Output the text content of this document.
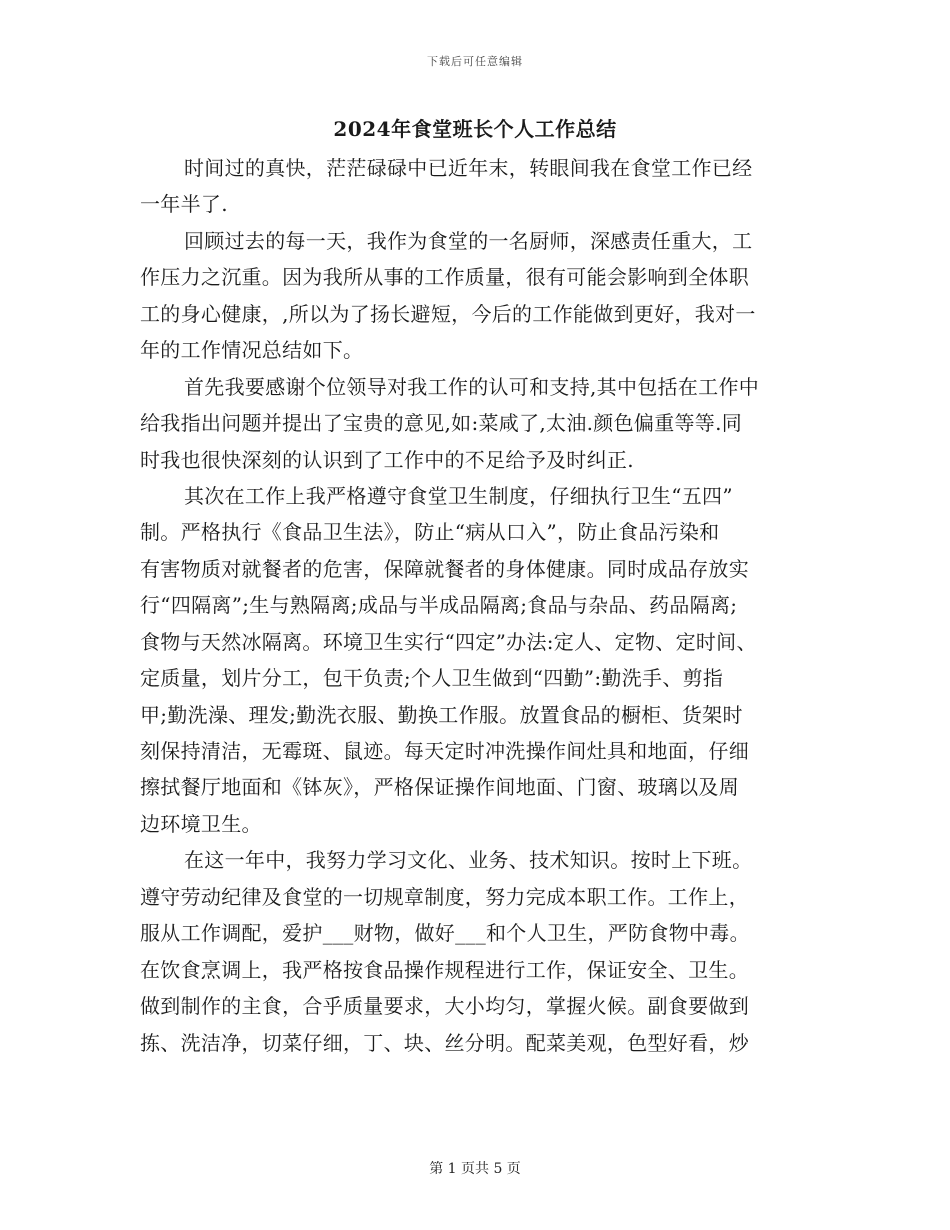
下载后可任意编辑
2024年食堂班长个人工作总结

时间过的真快，茫茫碌碌中已近年末，转眼间我在食堂工作已经
一年半了.

回顾过去的每一天，我作为食堂的一名厨师，深感责任重大，工
作压力之沉重。因为我所从事的工作质量，很有可能会影响到全体职
工的身心健康，,所以为了扬长避短，今后的工作能做到更好，我对一
年的工作情况总结如下。

首先我要感谢个位领导对我工作的认可和支持,其中包括在工作中
给我指出问题并提出了宝贵的意见,如:菜咸了,太油.颜色偏重等等.同
时我也很快深刻的认识到了工作中的不足给予及时纠正.

其次在工作上我严格遵守食堂卫生制度，仔细执行卫生“五四”
制。严格执行《食品卫生法》，防止“病从口入”，防止食品污染和
有害物质对就餐者的危害，保障就餐者的身体健康。同时成品存放实
行“四隔离”;生与熟隔离;成品与半成品隔离;食品与杂品、药品隔离;
食物与天然冰隔离。环境卫生实行“四定”办法:定人、定物、定时间、
定质量，划片分工，包干负责;个人卫生做到“四勤”:勤洗手、剪指
甲;勤洗澡、理发;勤洗衣服、勤换工作服。放置食品的橱柜、货架时
刻保持清洁，无霉斑、鼠迹。每天定时冲洗操作间灶具和地面，仔细
擦拭餐厅地面和《钵灰》，严格保证操作间地面、门窗、玻璃以及周
边环境卫生。

在这一年中，我努力学习文化、业务、技术知识。按时上下班。
遵守劳动纪律及食堂的一切规章制度，努力完成本职工作。工作上，
服从工作调配，爱护___财物，做好___和个人卫生，严防食物中毒。
在饮食烹调上，我严格按食品操作规程进行工作，保证安全、卫生。
做到制作的主食，合乎质量要求，大小均匀，掌握火候。副食要做到
拣、洗洁净，切菜仔细，丁、块、丝分明。配菜美观，色型好看，炒

第 1 页共 5 页
